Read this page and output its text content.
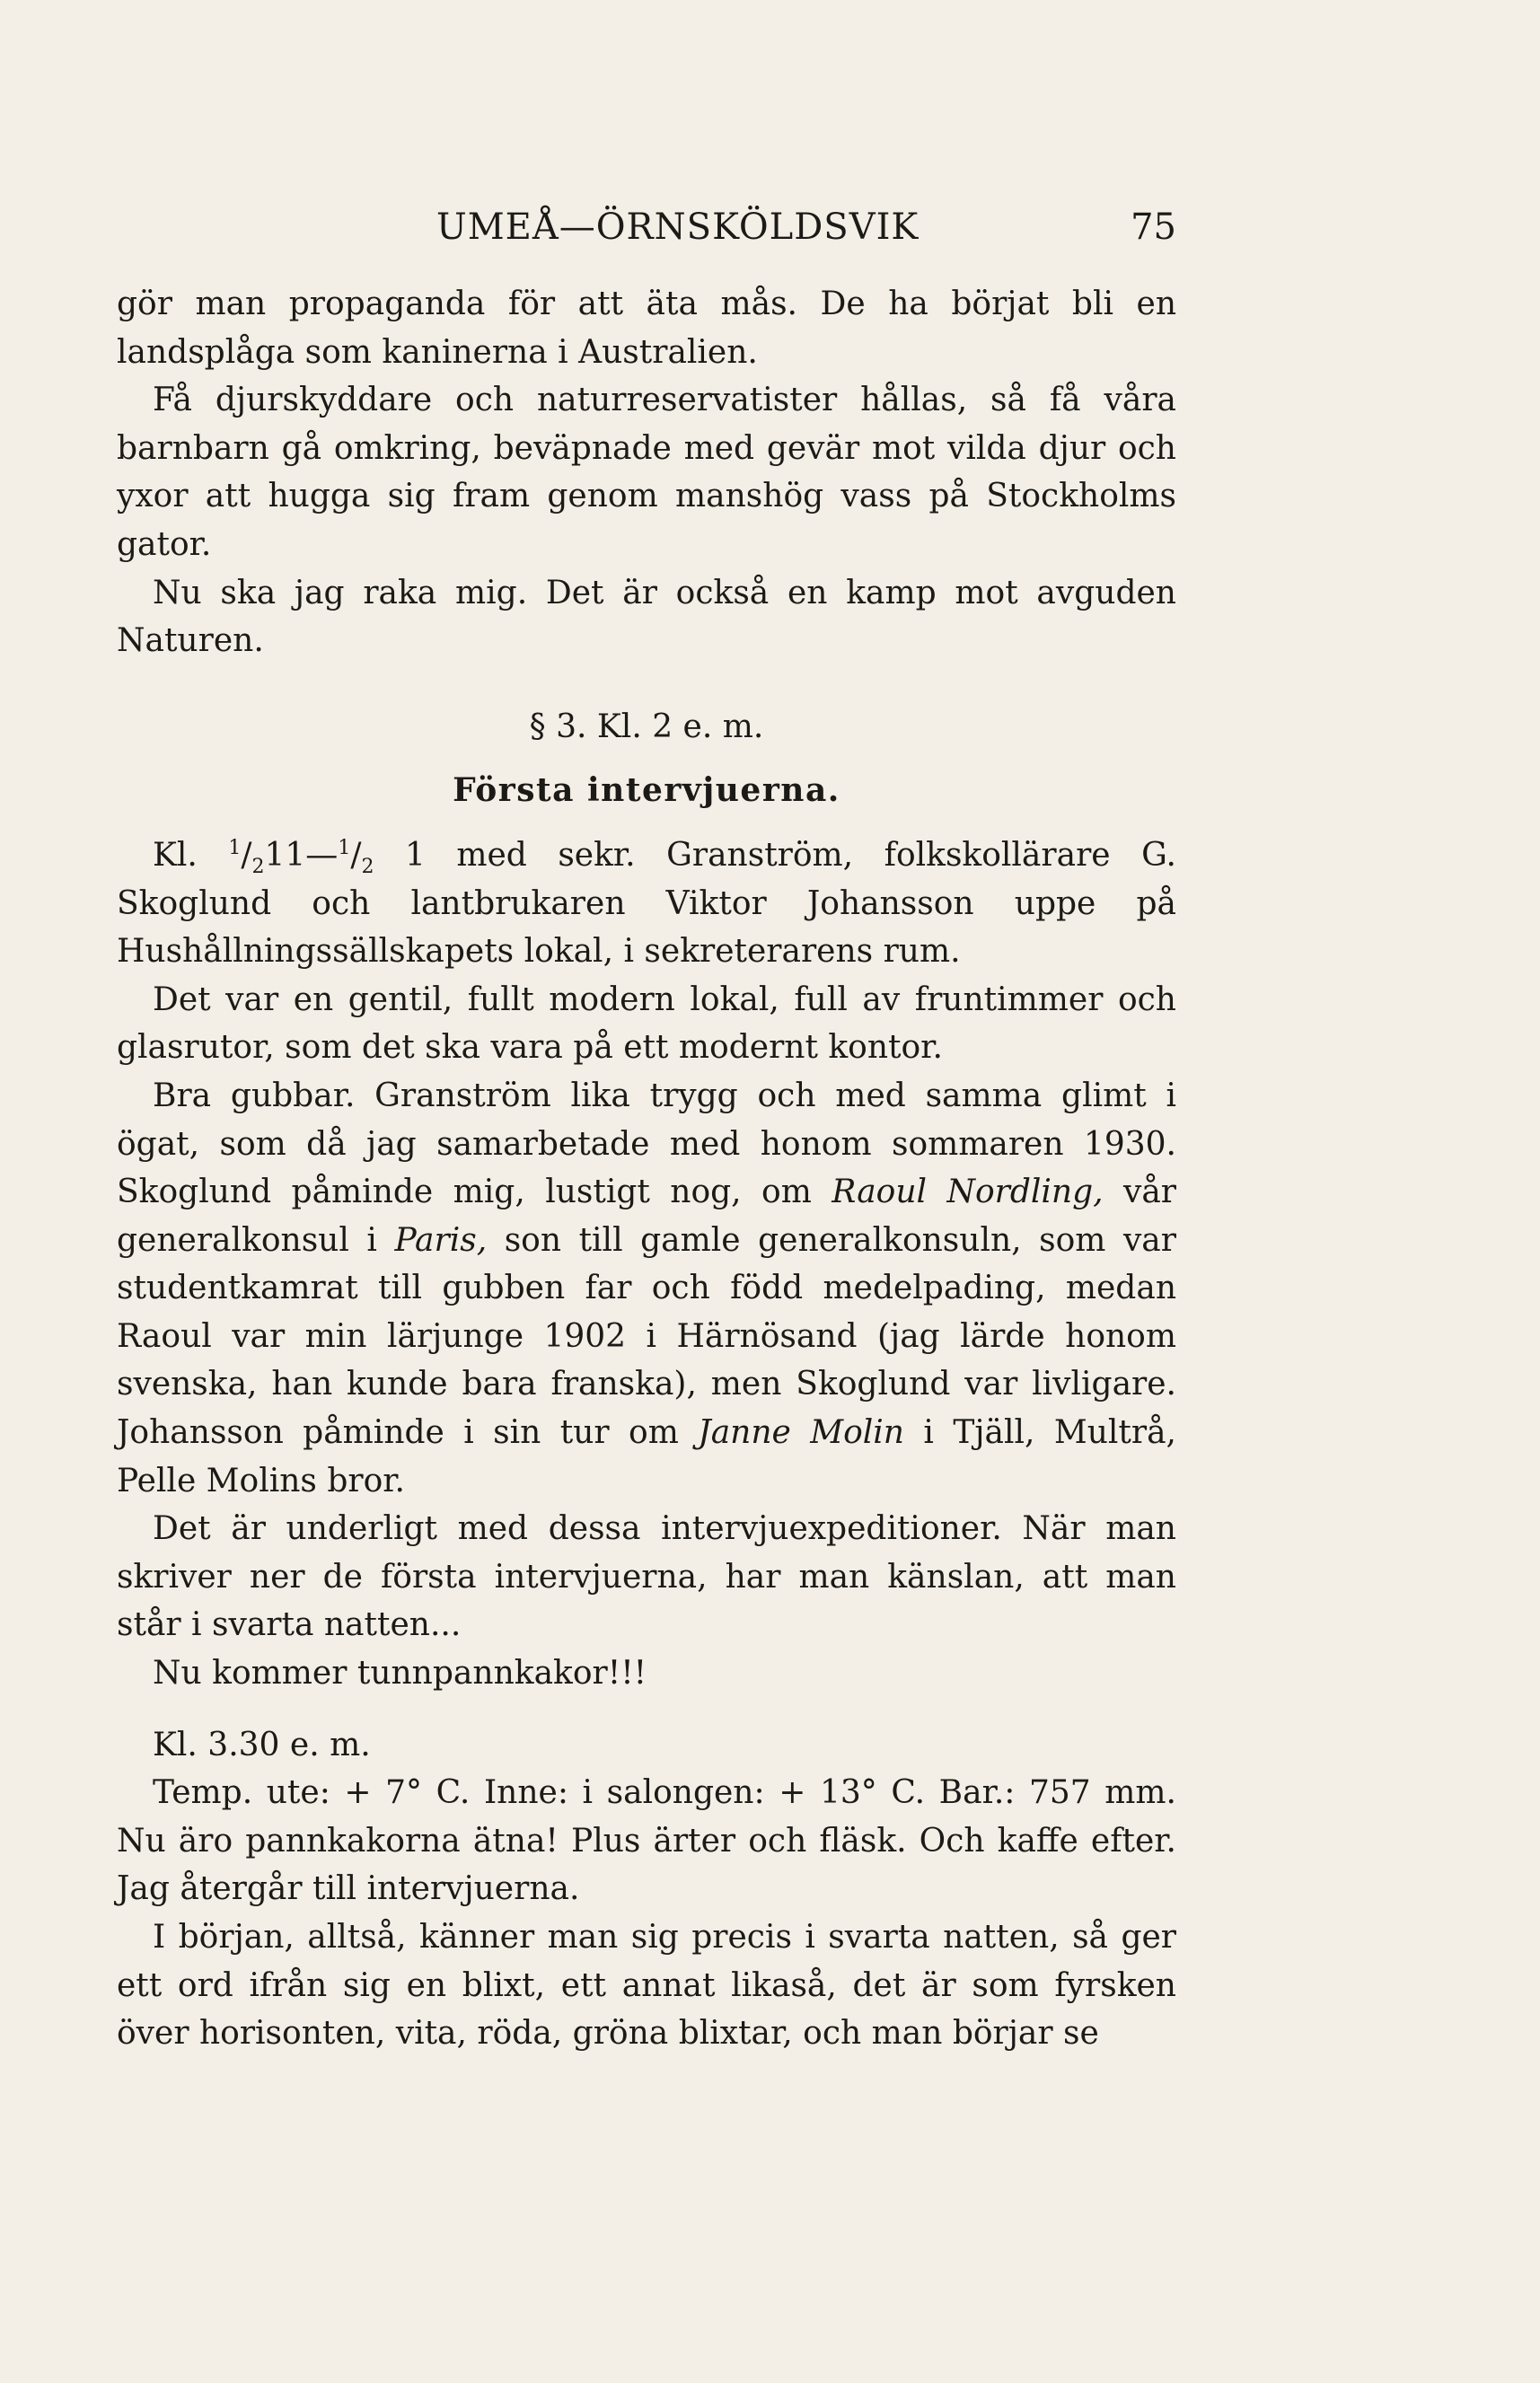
UMEÅ—ÖRNSKÖLDSVIK	75

gör man propaganda för att äta mås. De ha börjat bli en landsplåga som kaninerna i Australien.

Få djurskyddare och naturreservatister hållas, så få våra barnbarn gå omkring, beväpnade med gevär mot vilda djur och yxor att hugga sig fram genom manshög vass på Stockholms gator.

Nu ska jag raka mig. Det är också en kamp mot avguden Naturen.

§ 3. Kl. 2 e. m.

Första intervjuerna.

Kl. $^1/_211—^1/_2$ 1 med sekr. Granström, folkskollärare G. Skoglund och lantbrukaren Viktor Johansson uppe på Hushållningssällskapets lokal, i sekreterarens rum.

Det var en gentil, fullt modern lokal, full av fruntimmer och glasrutor, som det ska vara på ett modernt kontor.

Bra gubbar. Granström lika trygg och med samma glimt i ögat, som då jag samarbetade med honom sommaren 1930. Skoglund påminde mig, lustigt nog, om Raoul Nordling, vår generalkonsul i Paris, son till gamle generalkonsuln, som var studentkamrat till gubben far och född medelpading, medan Raoul var min lärjunge 1902 i Härnösand (jag lärde honom svenska, han kunde bara franska), men Skoglund var livligare. Johansson påminde i sin tur om Janne Molin i Tjäll, Multrå, Pelle Molins bror.

Det är underligt med dessa intervjuexpeditioner. När man skriver ner de första intervjuerna, har man känslan, att man står i svarta natten...

Nu kommer tunnpannkakor!!!

Kl. 3.30 e. m.

Temp. ute: + 7° C. Inne: i salongen: + 13° C. Bar.: 757 mm. Nu äro pannkakorna ätna! Plus ärter och fläsk. Och kaffe efter. Jag återgår till intervjuerna.

I början, alltså, känner man sig precis i svarta natten, så ger ett ord ifrån sig en blixt, ett annat likaså, det är som fyrsken över horisonten, vita, röda, gröna blixtar, och man börjar se
